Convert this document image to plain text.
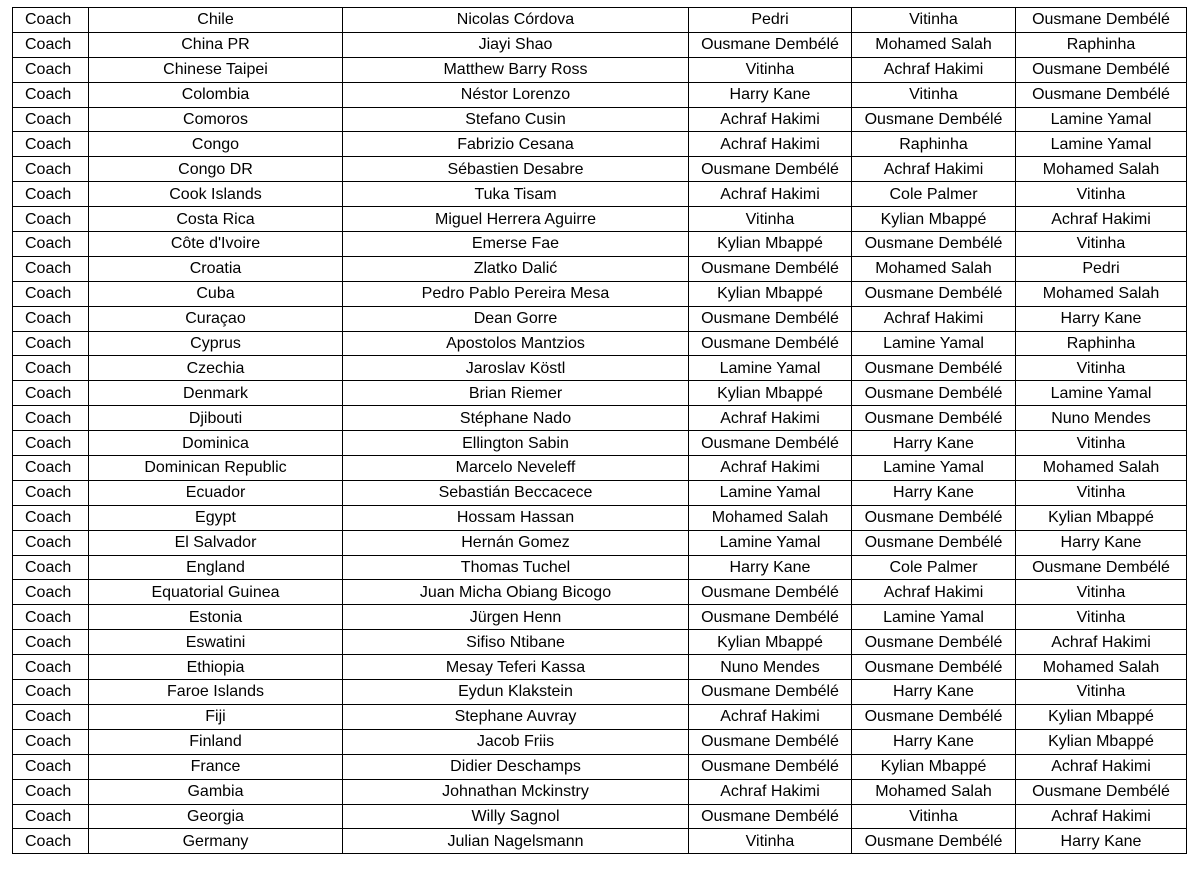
Coach	Chile	Nicolas Córdova	Pedri	Vitinha	Ousmane Dembélé
Coach	China PR	Jiayi Shao	Ousmane Dembélé	Mohamed Salah	Raphinha
Coach	Chinese Taipei	Matthew Barry Ross	Vitinha	Achraf Hakimi	Ousmane Dembélé
Coach	Colombia	Néstor Lorenzo	Harry Kane	Vitinha	Ousmane Dembélé
Coach	Comoros	Stefano Cusin	Achraf Hakimi	Ousmane Dembélé	Lamine Yamal
Coach	Congo	Fabrizio Cesana	Achraf Hakimi	Raphinha	Lamine Yamal
Coach	Congo DR	Sébastien Desabre	Ousmane Dembélé	Achraf Hakimi	Mohamed Salah
Coach	Cook Islands	Tuka Tisam	Achraf Hakimi	Cole Palmer	Vitinha
Coach	Costa Rica	Miguel Herrera Aguirre	Vitinha	Kylian Mbappé	Achraf Hakimi
Coach	Côte d'Ivoire	Emerse Fae	Kylian Mbappé	Ousmane Dembélé	Vitinha
Coach	Croatia	Zlatko Dalić	Ousmane Dembélé	Mohamed Salah	Pedri
Coach	Cuba	Pedro Pablo Pereira Mesa	Kylian Mbappé	Ousmane Dembélé	Mohamed Salah
Coach	Curaçao	Dean Gorre	Ousmane Dembélé	Achraf Hakimi	Harry Kane
Coach	Cyprus	Apostolos Mantzios	Ousmane Dembélé	Lamine Yamal	Raphinha
Coach	Czechia	Jaroslav Köstl	Lamine Yamal	Ousmane Dembélé	Vitinha
Coach	Denmark	Brian Riemer	Kylian Mbappé	Ousmane Dembélé	Lamine Yamal
Coach	Djibouti	Stéphane Nado	Achraf Hakimi	Ousmane Dembélé	Nuno Mendes
Coach	Dominica	Ellington Sabin	Ousmane Dembélé	Harry Kane	Vitinha
Coach	Dominican Republic	Marcelo Neveleff	Achraf Hakimi	Lamine Yamal	Mohamed Salah
Coach	Ecuador	Sebastián Beccacece	Lamine Yamal	Harry Kane	Vitinha
Coach	Egypt	Hossam Hassan	Mohamed Salah	Ousmane Dembélé	Kylian Mbappé
Coach	El Salvador	Hernán Gomez	Lamine Yamal	Ousmane Dembélé	Harry Kane
Coach	England	Thomas Tuchel	Harry Kane	Cole Palmer	Ousmane Dembélé
Coach	Equatorial Guinea	Juan Micha Obiang Bicogo	Ousmane Dembélé	Achraf Hakimi	Vitinha
Coach	Estonia	Jürgen Henn	Ousmane Dembélé	Lamine Yamal	Vitinha
Coach	Eswatini	Sifiso Ntibane	Kylian Mbappé	Ousmane Dembélé	Achraf Hakimi
Coach	Ethiopia	Mesay Teferi Kassa	Nuno Mendes	Ousmane Dembélé	Mohamed Salah
Coach	Faroe Islands	Eydun Klakstein	Ousmane Dembélé	Harry Kane	Vitinha
Coach	Fiji	Stephane Auvray	Achraf Hakimi	Ousmane Dembélé	Kylian Mbappé
Coach	Finland	Jacob Friis	Ousmane Dembélé	Harry Kane	Kylian Mbappé
Coach	France	Didier Deschamps	Ousmane Dembélé	Kylian Mbappé	Achraf Hakimi
Coach	Gambia	Johnathan Mckinstry	Achraf Hakimi	Mohamed Salah	Ousmane Dembélé
Coach	Georgia	Willy Sagnol	Ousmane Dembélé	Vitinha	Achraf Hakimi
Coach	Germany	Julian Nagelsmann	Vitinha	Ousmane Dembélé	Harry Kane
